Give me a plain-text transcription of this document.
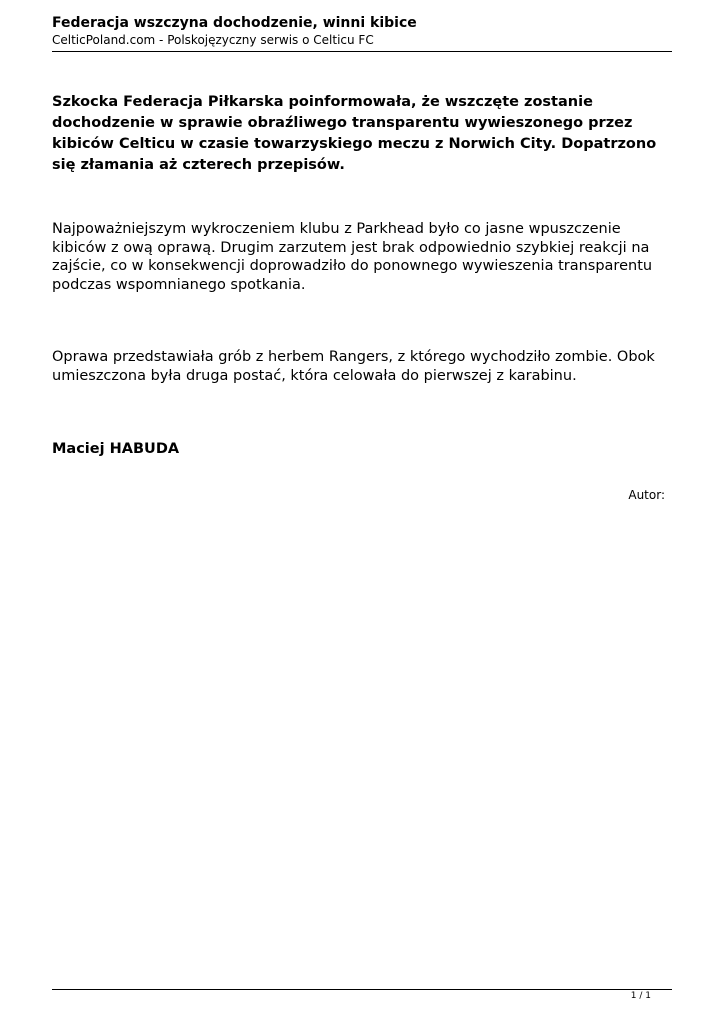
Federacja wszczyna dochodzenie, winni kibice
CelticPoland.com - Polskojęzyczny serwis o Celticu FC

Szkocka Federacja Piłkarska poinformowała, że wszczęte zostanie dochodzenie w sprawie obraźliwego transparentu wywieszonego przez kibiców Celticu w czasie towarzyskiego meczu z Norwich City. Dopatrzono się złamania aż czterech przepisów.

Najpoważniejszym wykroczeniem klubu z Parkhead było co jasne wpuszczenie kibiców z ową oprawą. Drugim zarzutem jest brak odpowiednio szybkiej reakcji na zajście, co w konsekwencji doprowadziło do ponownego wywieszenia transparentu podczas wspomnianego spotkania.

Oprawa przedstawiała grób z herbem Rangers, z którego wychodziło zombie. Obok umieszczona była druga postać, która celowała do pierwszej z karabinu.

Maciej HABUDA

Autor:
1 / 1
